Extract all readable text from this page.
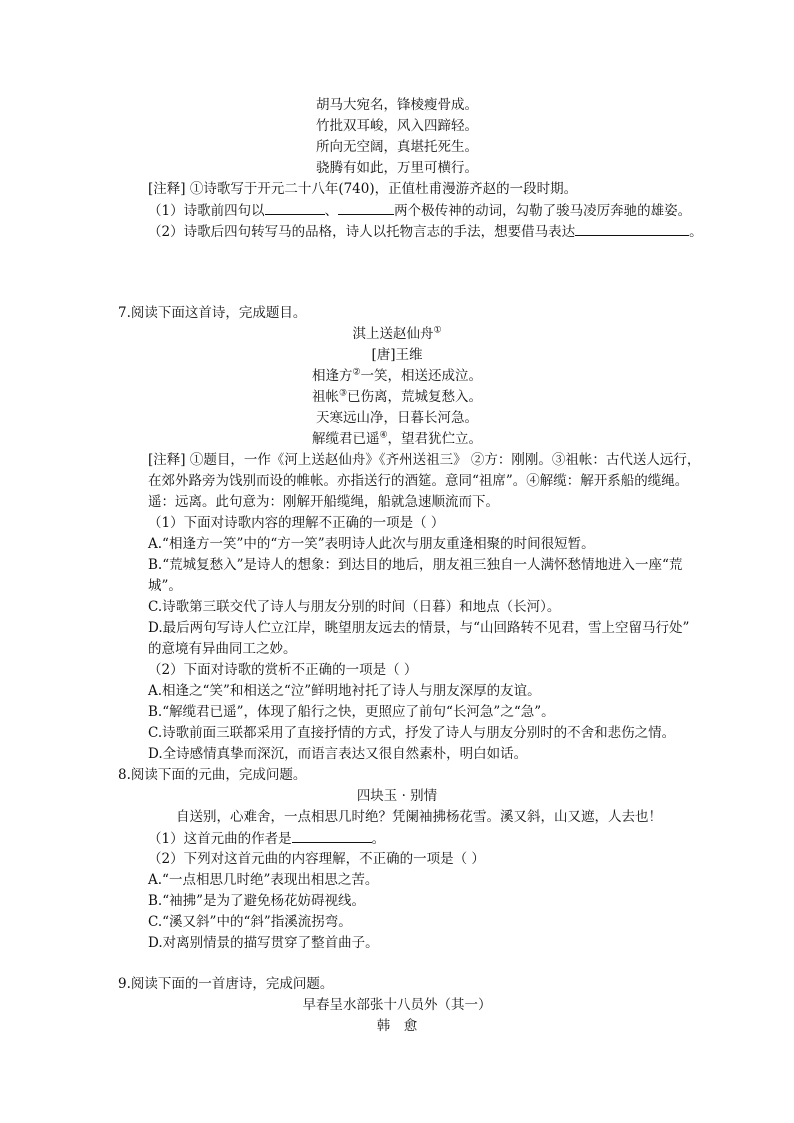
胡马大宛名，锋棱瘦骨成。
竹批双耳峻，风入四蹄轻。
所向无空阔，真堪托死生。
骁腾有如此，万里可横行。
[注释] ①诗歌写于开元二十八年(740)，正值杜甫漫游齐赵的一段时期。
（1）诗歌前四句以	、	两个极传神的动词，勾勒了骏马凌厉奔驰的雄姿。
（2）诗歌后四句转写马的品格，诗人以托物言志的手法，想要借马表达	。
7.阅读下面这首诗，完成题目。
淇上送赵仙舟①
[唐]王维
相逢方②一笑，相送还成泣。
祖帐③已伤离，荒城复愁入。
天寒远山净，日暮长河急。
解缆君已遥④，望君犹伫立。
[注释] ①题目，一作《河上送赵仙舟》《齐州送祖三》 ②方：刚刚。③祖帐：古代送人远行，
在郊外路旁为饯别而设的帷帐。亦指送行的酒筵。意同“祖席”。④解缆：解开系船的缆绳。
遥：远离。此句意为：刚解开船缆绳，船就急速顺流而下。
（1）下面对诗歌内容的理解不正确的一项是（ ）
A.“相逢方一笑”中的“方一笑”表明诗人此次与朋友重逢相聚的时间很短暂。
B.“荒城复愁入”是诗人的想象：到达目的地后，朋友祖三独自一人满怀愁情地进入一座“荒
城”。
C.诗歌第三联交代了诗人与朋友分别的时间（日暮）和地点（长河）。
D.最后两句写诗人伫立江岸，眺望朋友远去的情景，与“山回路转不见君，雪上空留马行处”
的意境有异曲同工之妙。
（2）下面对诗歌的赏析不正确的一项是（ ）
A.相逢之“笑”和相送之“泣”鲜明地衬托了诗人与朋友深厚的友谊。
B.“解缆君已遥”，体现了船行之快，更照应了前句“长河急”之“急”。
C.诗歌前面三联都采用了直接抒情的方式，抒发了诗人与朋友分别时的不舍和悲伤之情。
D.全诗感情真挚而深沉，而语言表达又很自然素朴，明白如话。
8.阅读下面的元曲，完成问题。
四块玉 · 别情
自送别，心难舍，一点相思几时绝？凭阑袖拂杨花雪。溪又斜，山又遮，人去也！
（1）这首元曲的作者是	。
（2）下列对这首元曲的内容理解，不正确的一项是（ ）
A.“一点相思几时绝”表现出相思之苦。
B.“袖拂”是为了避免杨花妨碍视线。
C.“溪又斜”中的“斜”指溪流拐弯。
D.对离别情景的描写贯穿了整首曲子。
9.阅读下面的一首唐诗，完成问题。
早春呈水部张十八员外（其一）
韩　愈
